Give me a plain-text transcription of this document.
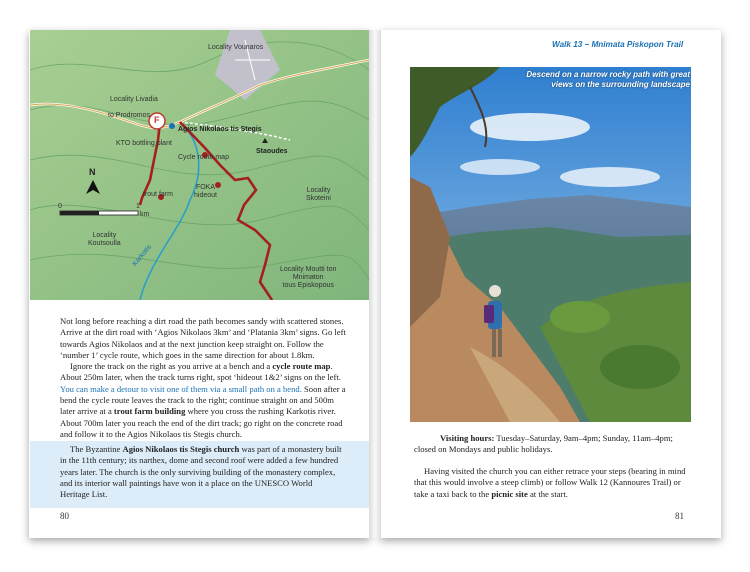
Locality Vounaros
Locality Livadia
to Prodromos
Agios Nikolaos tis Stegis
KTO bottling plant
Staoudes
Cycle route map
FOKA
hideout
trout farm
Locality
Skoteini
Locality
Koutsoulla
Karkotis
Locality Moutti ton
Mnimaton
tous Episkopous
F
N
0	1
km

Not long before reaching a dirt road the path becomes sandy with scattered stones. Arrive at the dirt road with ‘Agios Nikolaos 3km’ and ‘Platania 3km’ signs. Go left towards Agios Nikolaos and at the next junction keep straight on. Follow the ‘number 1’ cycle route, which goes in the same direction for about 1.8km.

Ignore the track on the right as you arrive at a bench and a cycle route map. About 250m later, when the track turns right, spot ‘hideout 1&2’ signs on the left. You can make a detour to visit one of them via a small path on a bend. Soon after a bend the cycle route leaves the track to the right; continue straight on and 500m later arrive at a trout farm building where you cross the rushing Karkotis river. About 700m later you reach the end of the dirt track; go right on the concrete road and follow it to the Agios Nikolaos tis Stegis church.

The Byzantine Agios Nikolaos tis Stegis church was part of a monastery built in the 11th century; its narthex, dome and second roof were added a few hundred years later. The church is the only surviving building of the monastery complex, and its interior wall paintings have won it a place on the UNESCO World Heritage List.

80
Walk 13 – Mnimata Piskopon Trail
Descend on a narrow rocky path with great views on the surrounding landscape

Visiting hours: Tuesday–Saturday, 9am–4pm; Sunday, 11am–4pm; closed on Mondays and public holidays.

Having visited the church you can either retrace your steps (bearing in mind that this would involve a steep climb) or follow Walk 12 (Kannoures Trail) or take a taxi back to the picnic site at the start.

81
